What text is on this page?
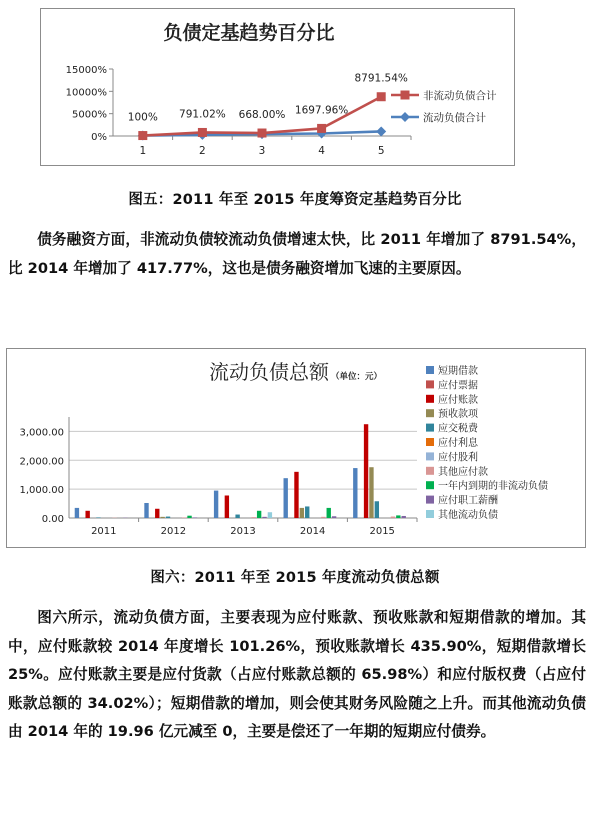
负债定基趋势百分比
0%
5000%
10000%
15000%
1	2	3	4	5
100% 791.02% 668.00% 1697.96%
8791.54%
非流动负债合计
流动负债合计
图五：2011 年至 2015 年度筹资定基趋势百分比

债务融资方面，非流动负债较流动负债增速太快，比 2011 年增加了 8791.54%，比 2014 年增加了 417.77%，这也是债务融资增加飞速的主要原因。

流动负债总额 （单位：元）
0.00
1,000.00
2,000.00
3,000.00
2011	2012	2013	2014	2015
短期借款
应付票据
应付账款
预收款项
应交税费
应付利息
应付股利
其他应付款
一年内到期的非流动负债
应付职工薪酬
其他流动负债
图六：2011 年至 2015 年度流动负债总额

图六所示，流动负债方面，主要表现为应付账款、预收账款和短期借款的增加。其中，应付账款较 2014 年度增长 101.26%，预收账款增长 435.90%，短期借款增长 25%。应付账款主要是应付货款（占应付账款总额的 65.98%）和应付版权费（占应付账款总额的 34.02%）；短期借款的增加，则会使其财务风险随之上升。而其他流动负债由 2014 年的 19.96 亿元减至 0，主要是偿还了一年期的短期应付债券。
